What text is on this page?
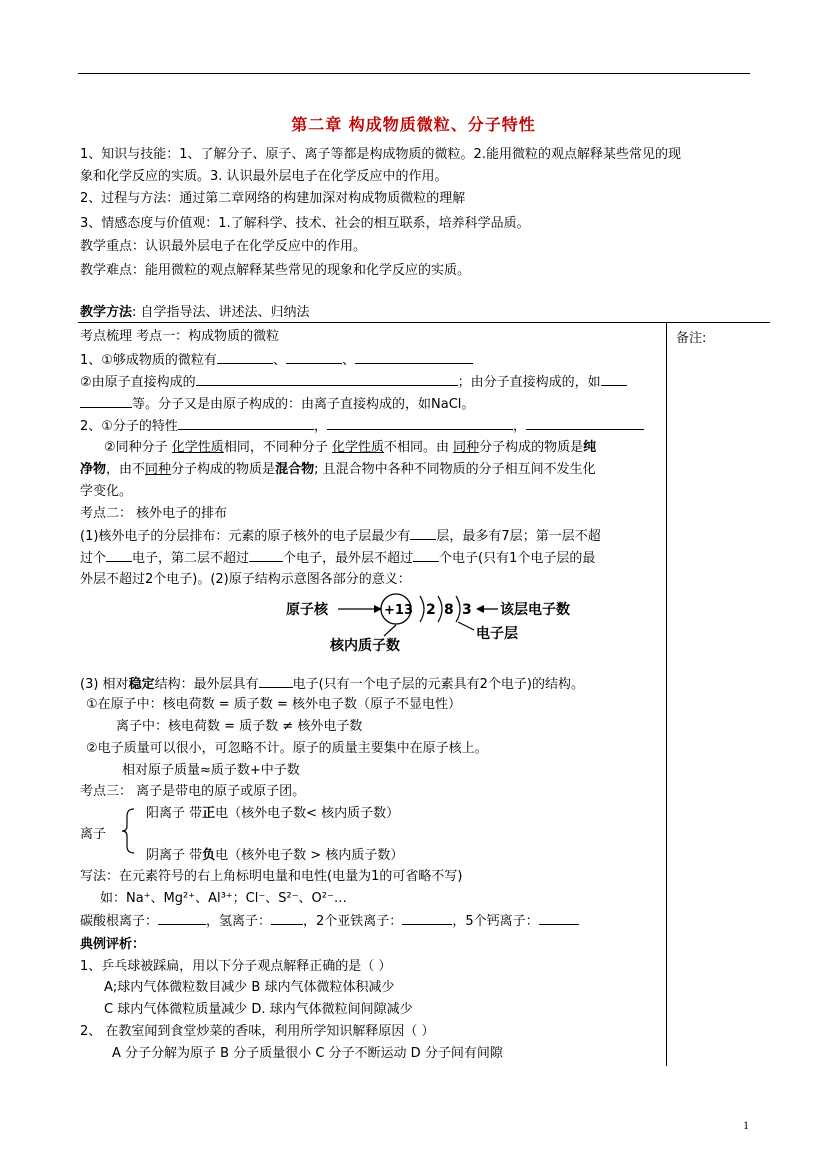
第二章 构成物质微粒、分子特性
1、知识与技能：1、了解分子、原子、离子等都是构成物质的微粒。2.能用微粒的观点解释某些常见的现
象和化学反应的实质。3. 认识最外层电子在化学反应中的作用。
2、过程与方法：通过第二章网络的构建加深对构成物质微粒的理解
3、情感态度与价值观：1.了解科学、技术、社会的相互联系，培养科学品质。
教学重点：认识最外层电子在化学反应中的作用。
教学难点：能用微粒的观点解释某些常见的现象和化学反应的实质。
教学方法: 自学指导法、讲述法、归纳法
备注:
考点梳理 考点一：构成物质的微粒
1、①够成物质的微粒有	、	、
②由原子直接构成的	；由分子直接构成的，如
等。分子又是由原子构成的：由离子直接构成的，如NaCl。
2、①分子的特性	，	，
②同种分子 化学性质相同，不同种分子 化学性质不相同。由 同种分子构成的物质是纯
净物，由不同种分子构成的物质是混合物; 且混合物中各种不同物质的分子相互间不发生化
学变化。
考点二： 核外电子的排布
(1)核外电子的分层排布：元素的原子核外的电子层最少有 层，最多有7层；第一层不超
过个 电子，第二层不超过	个电子，最外层不超过 个电子(只有1个电子层的最
外层不超过2个电子)。(2)原子结构示意图各部分的意义：
原子核	+13 2 8 3 该层电子数
电子层
核内质子数
(3) 相对稳定结构：最外层具有	电子(只有一个电子层的元素具有2个电子)的结构。
①在原子中：核电荷数 = 质子数 = 核外电子数（原子不显电性）
离子中：核电荷数 = 质子数 ≠ 核外电子数
②电子质量可以很小，可忽略不计。原子的质量主要集中在原子核上。
相对原子质量≈质子数+中子数
考点三： 离子是带电的原子或原子团。
阳离子 带正电（核外电子数< 核内质子数）
离子
阴离子 带负电（核外电子数 > 核内质子数）
写法：在元素符号的右上角标明电量和电性(电量为1的可省略不写)
如：Na⁺、Mg²⁺、Al³⁺；Cl⁻、S²⁻、O²⁻…
碳酸根离子：	，氢离子： ，2个亚铁离子：	，5个钙离子：
典例评析：
1、乒乓球被踩扁，用以下分子观点解释正确的是（ ）
A;球内气体微粒数目减少 B 球内气体微粒体积减少
C 球内气体微粒质量减少 D. 球内气体微粒间间隙减少
2、 在教室闻到食堂炒菜的香味，利用所学知识解释原因（ ）
A 分子分解为原子 B 分子质量很小 C 分子不断运动 D 分子间有间隙
1
